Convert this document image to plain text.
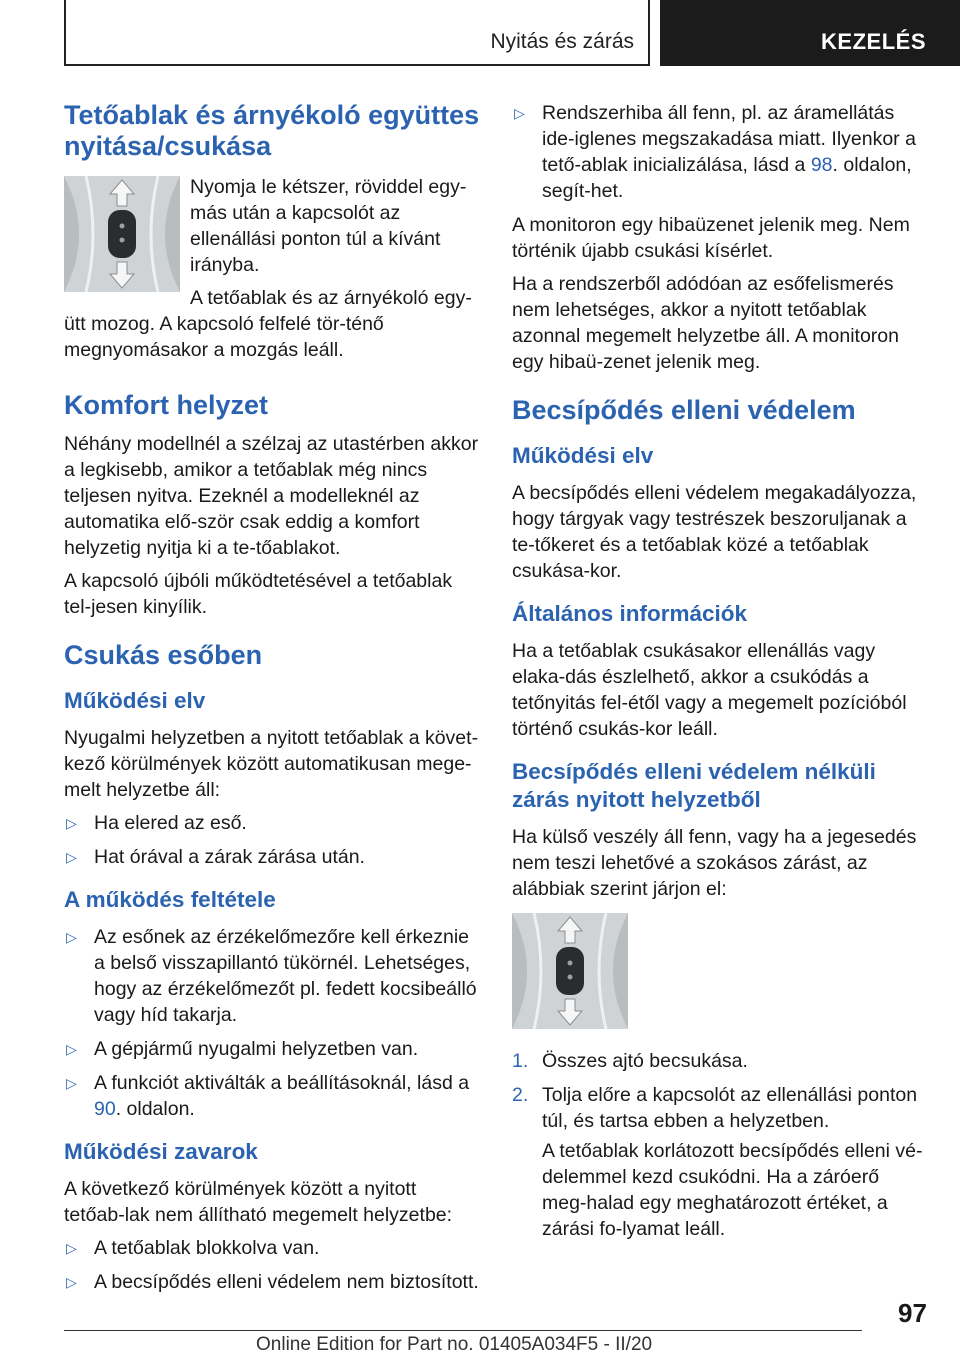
Nyitás és zárás	KEZELÉS
Tetőablak és árnyékoló együttes nyitása/csukása

Nyomja le kétszer, röviddel egy-más után a kapcsolót az ellenállási ponton túl a kívánt irányba.

A tetőablak és az árnyékoló egy-ütt mozog. A kapcsoló felfelé tör-ténő megnyomásakor a mozgás leáll.

Komfort helyzet

Néhány modellnél a szélzaj az utastérben akkor a legkisebb, amikor a tetőablak még nincs teljesen nyitva. Ezeknél a modelleknél az automatika elő-ször csak eddig a komfort helyzetig nyitja ki a te-tőablakot.

A kapcsoló újbóli működtetésével a tetőablak tel-jesen kinyílik.

Csukás esőben
Működési elv

Nyugalmi helyzetben a nyitott tetőablak a követ-kező körülmények között automatikusan mege-melt helyzetbe áll:

▷ Ha elered az eső.
▷ Hat órával a zárak zárása után.
A működés feltétele
▷ Az esőnek az érzékelőmezőre kell érkeznie a belső visszapillantó tükörnél. Lehetséges, hogy az érzékelőmezőt pl. fedett kocsibeálló vagy híd takarja.
▷ A gépjármű nyugalmi helyzetben van.
▷ A funkciót aktiválták a beállításoknál, lásd a 90. oldalon.
Működési zavarok

A következő körülmények között a nyitott tetőab-lak nem állítható megemelt helyzetbe:

▷ A tetőablak blokkolva van.
▷ A becsípődés elleni védelem nem biztosított.
▷ Rendszerhiba áll fenn, pl. az áramellátás ide-iglenes megszakadása miatt. Ilyenkor a tető-ablak inicializálása, lásd a 98. oldalon, segít-het.

A monitoron egy hibaüzenet jelenik meg. Nem történik újabb csukási kísérlet.

Ha a rendszerből adódóan az esőfelismerés nem lehetséges, akkor a nyitott tetőablak azonnal megemelt helyzetbe áll. A monitoron egy hibaü-zenet jelenik meg.

Becsípődés elleni védelem
Működési elv

A becsípődés elleni védelem megakadályozza, hogy tárgyak vagy testrészek beszoruljanak a te-tőkeret és a tetőablak közé a tetőablak csukása-kor.

Általános információk

Ha a tetőablak csukásakor ellenállás vagy elaka-dás észlelhető, akkor a csukódás a tetőnyitás fel-étől vagy a megemelt pozícióból történő csukás-kor leáll.

Becsípődés elleni védelem nélküli zárás nyitott helyzetből

Ha külső veszély áll fenn, vagy ha a jegesedés nem teszi lehetővé a szokásos zárást, az alábbiak szerint járjon el:

1. Összes ajtó becsukása.
2. Tolja előre a kapcsolót az ellenállási ponton túl, és tartsa ebben a helyzetben.

A tetőablak korlátozott becsípődés elleni vé-delemmel kezd csukódni. Ha a záróerő meg-halad egy meghatározott értéket, a zárási fo-lyamat leáll.

97
Online Edition for Part no. 01405A034F5 - II/20
